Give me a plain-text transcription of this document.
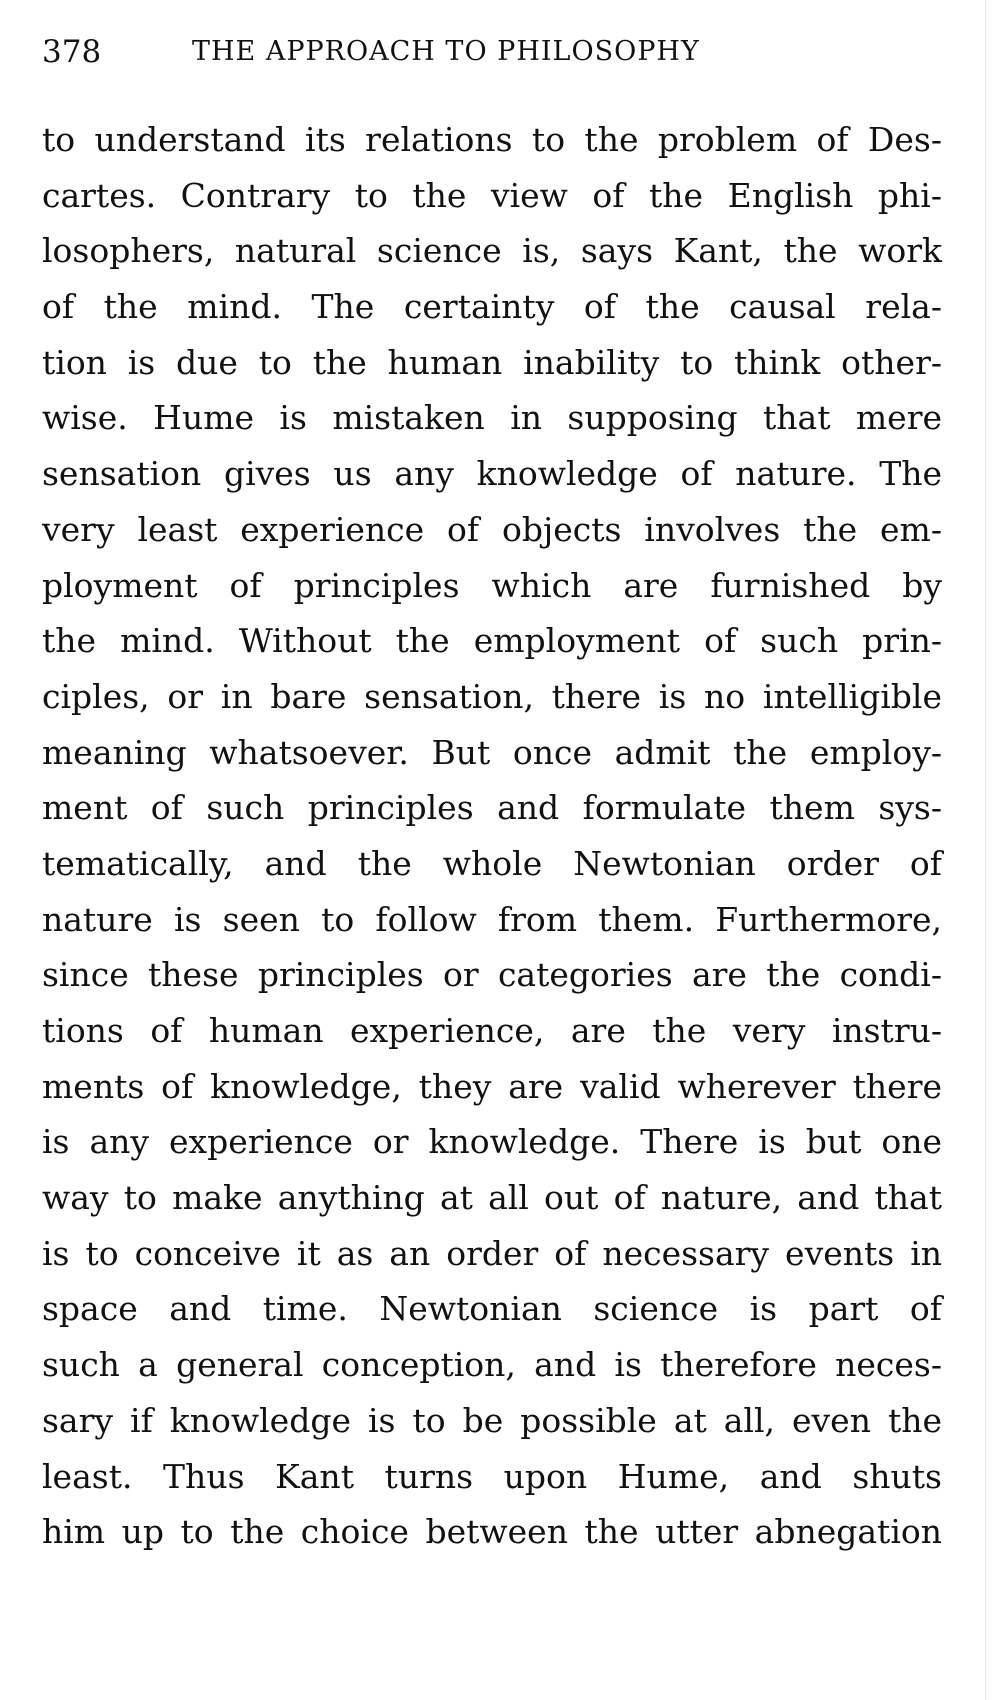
378	THE APPROACH TO PHILOSOPHY
to understand its relations to the problem of Des-
cartes. Contrary to the view of the English phi-
losophers, natural science is, says Kant, the work
of the mind. The certainty of the causal rela-
tion is due to the human inability to think other-
wise. Hume is mistaken in supposing that mere
sensation gives us any knowledge of nature. The
very least experience of objects involves the em-
ployment of principles which are furnished by
the mind. Without the employment of such prin-
ciples, or in bare sensation, there is no intelligible
meaning whatsoever. But once admit the employ-
ment of such principles and formulate them sys-
tematically, and the whole Newtonian order of
nature is seen to follow from them. Furthermore,
since these principles or categories are the condi-
tions of human experience, are the very instru-
ments of knowledge, they are valid wherever there
is any experience or knowledge. There is but one
way to make anything at all out of nature, and that
is to conceive it as an order of necessary events in
space and time. Newtonian science is part of
such a general conception, and is therefore neces-
sary if knowledge is to be possible at all, even the
least. Thus Kant turns upon Hume, and shuts
him up to the choice between the utter abnegation
